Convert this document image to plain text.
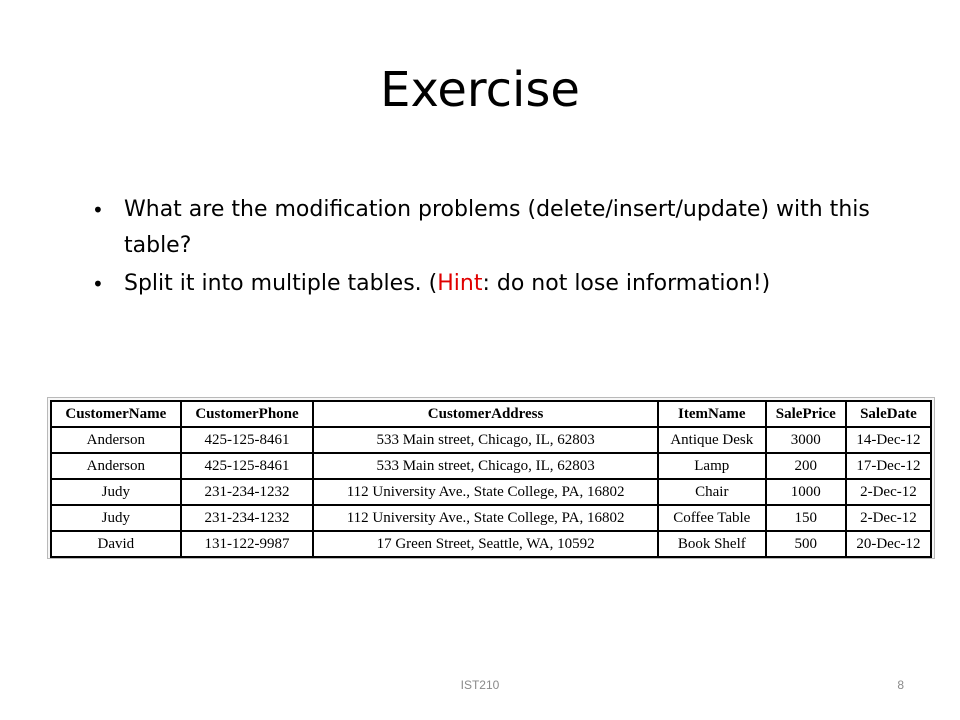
Exercise
• What are the modification problems (delete/insert/update) with this table?
• Split it into multiple tables. (Hint: do not lose information!)
CustomerName	CustomerPhone	CustomerAddress	ItemName	SalePrice	SaleDate
Anderson	425-125-8461	533 Main street, Chicago, IL, 62803	Antique Desk	3000	14-Dec-12
Anderson	425-125-8461	533 Main street, Chicago, IL, 62803	Lamp	200	17-Dec-12
Judy	231-234-1232	112 University Ave., State College, PA, 16802	Chair	1000	2-Dec-12
Judy	231-234-1232	112 University Ave., State College, PA, 16802	Coffee Table	150	2-Dec-12
David	131-122-9987	17 Green Street, Seattle, WA, 10592	Book Shelf	500	20-Dec-12
IST210	8
